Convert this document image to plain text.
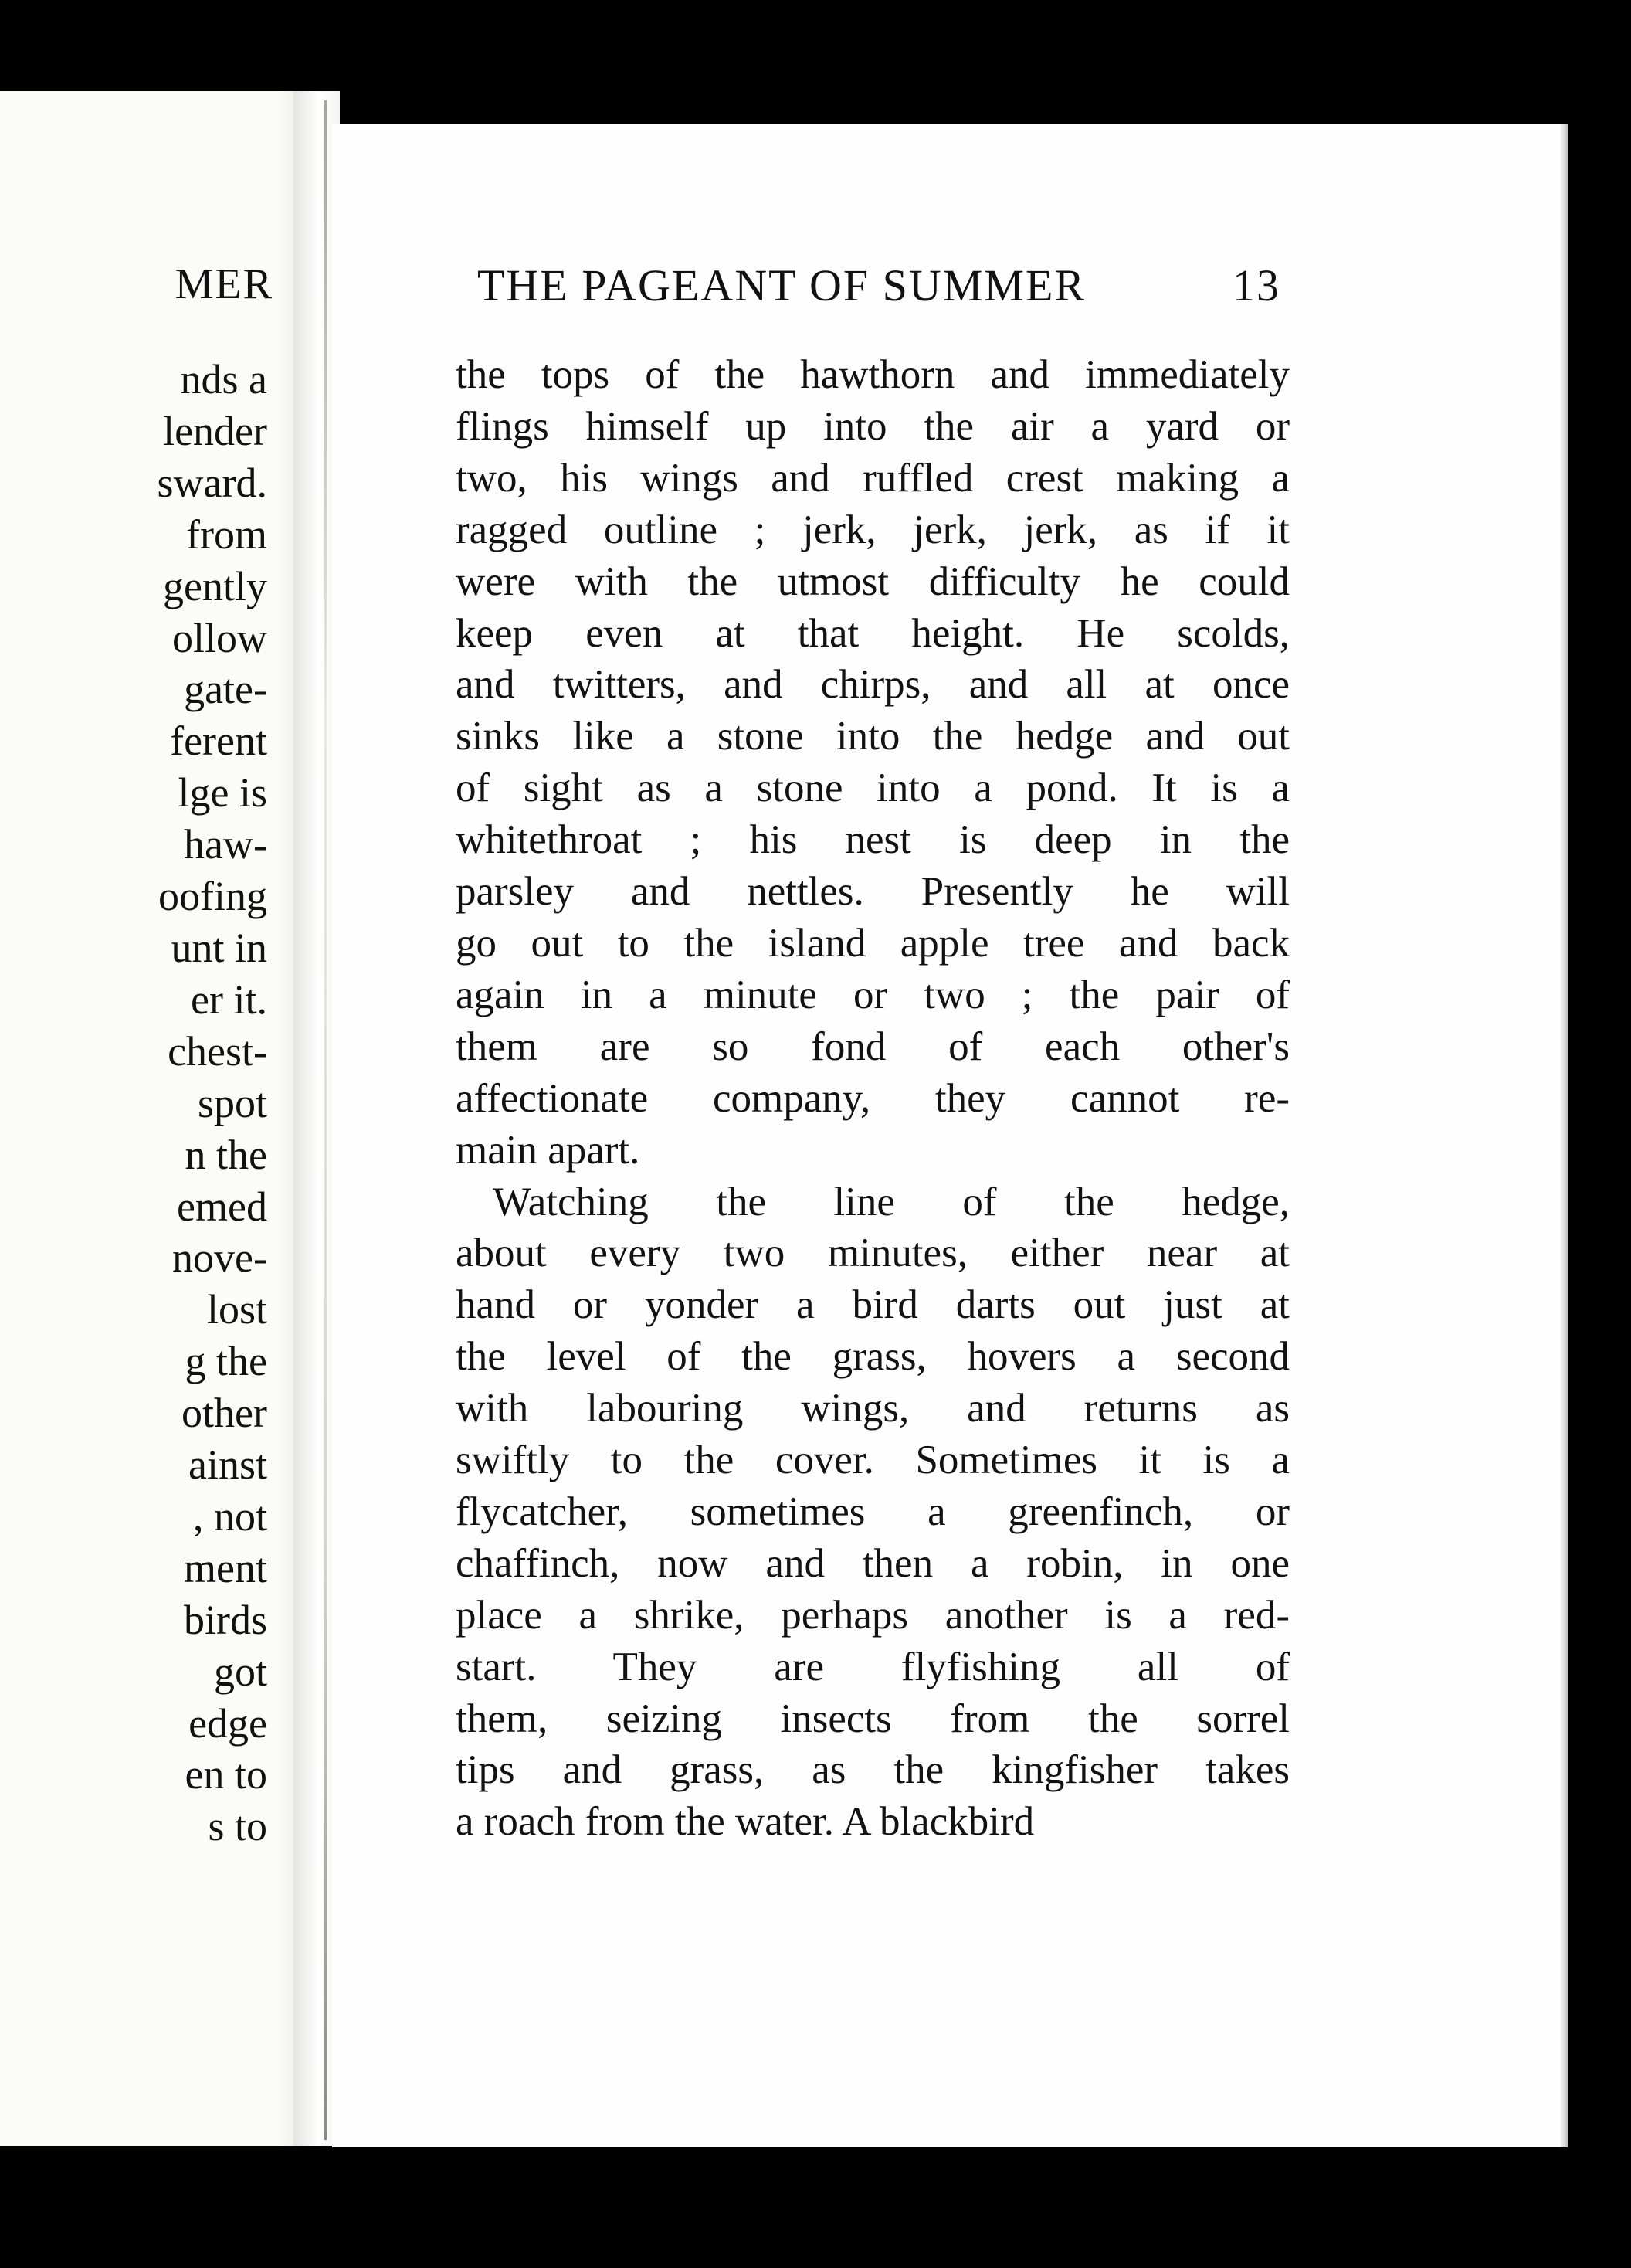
MER
nds a
lender
sward.
from
gently
ollow
gate-
ferent
lge is
haw-
oofing
unt in
er it.
chest-
spot
n the
emed
nove-
lost
g the
other
ainst
, not
ment
birds
got
edge
en to
s to
THE PAGEANT OF SUMMER	13
the tops of the hawthorn and immediately
flings himself up into the air a yard or
two, his wings and ruffled crest making a
ragged outline ; jerk, jerk, jerk, as if it
were with the utmost difficulty he could
keep even at that height. He scolds,
and twitters, and chirps, and all at once
sinks like a stone into the hedge and out
of sight as a stone into a pond. It is a
whitethroat ; his nest is deep in the
parsley and nettles. Presently he will
go out to the island apple tree and back
again in a minute or two ; the pair of
them are so fond of each other's
affectionate company, they cannot re-
main apart.
Watching the line of the hedge,
about every two minutes, either near at
hand or yonder a bird darts out just at
the level of the grass, hovers a second
with labouring wings, and returns as
swiftly to the cover. Sometimes it is a
flycatcher, sometimes a greenfinch, or
chaffinch, now and then a robin, in one
place a shrike, perhaps another is a red-
start. They are flyfishing all of
them, seizing insects from the sorrel
tips and grass, as the kingfisher takes
a roach from the water. A blackbird
